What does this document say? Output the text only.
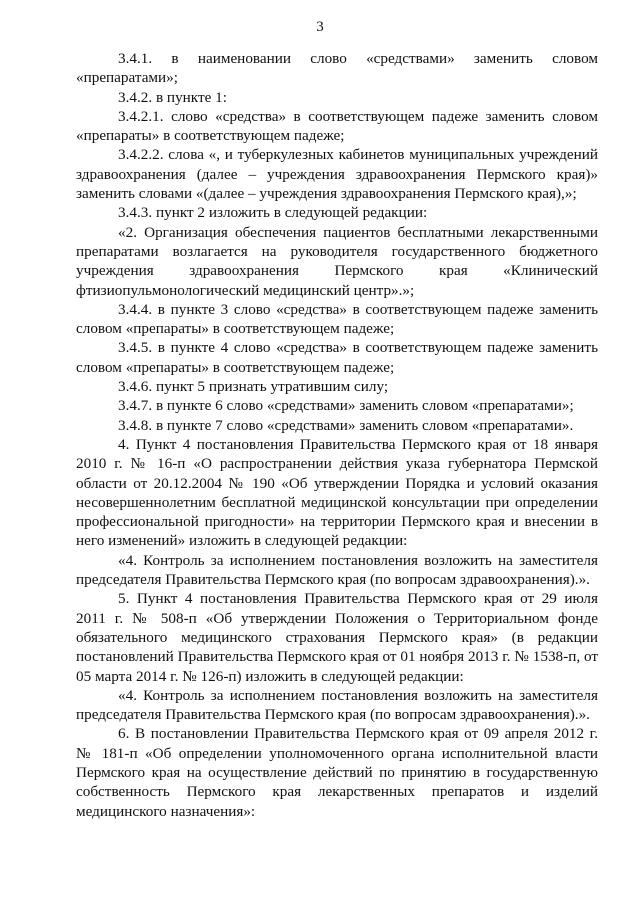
3

3.4.1. в наименовании слово «средствами» заменить словом «препаратами»;

3.4.2. в пункте 1:

3.4.2.1. слово «средства» в соответствующем падеже заменить словом «препараты» в соответствующем падеже;

3.4.2.2. слова «, и туберкулезных кабинетов муниципальных учреждений здравоохранения (далее – учреждения здравоохранения Пермского края)» заменить словами «(далее – учреждения здравоохранения Пермского края),»;

3.4.3. пункт 2 изложить в следующей редакции:

«2. Организация обеспечения пациентов бесплатными лекарственными препаратами возлагается на руководителя государственного бюджетного учреждения здравоохранения Пермского края «Клинический фтизиопульмонологический медицинский центр».»;

3.4.4. в пункте 3 слово «средства» в соответствующем падеже заменить словом «препараты» в соответствующем падеже;

3.4.5. в пункте 4 слово «средства» в соответствующем падеже заменить словом «препараты» в соответствующем падеже;

3.4.6. пункт 5 признать утратившим силу;

3.4.7. в пункте 6 слово «средствами» заменить словом «препаратами»;

3.4.8. в пункте 7 слово «средствами» заменить словом «препаратами».

4. Пункт 4 постановления Правительства Пермского края от 18 января 2010 г. № 16-п «О распространении действия указа губернатора Пермской области от 20.12.2004 № 190 «Об утверждении Порядка и условий оказания несовершеннолетним бесплатной медицинской консультации при определении профессиональной пригодности» на территории Пермского края и внесении в него изменений» изложить в следующей редакции:

«4. Контроль за исполнением постановления возложить на заместителя председателя Правительства Пермского края (по вопросам здравоохранения).».

5. Пункт 4 постановления Правительства Пермского края от 29 июля 2011 г. № 508-п «Об утверждении Положения о Территориальном фонде обязательного медицинского страхования Пермского края» (в редакции постановлений Правительства Пермского края от 01 ноября 2013 г. № 1538-п, от 05 марта 2014 г. № 126-п) изложить в следующей редакции:

«4. Контроль за исполнением постановления возложить на заместителя председателя Правительства Пермского края (по вопросам здравоохранения).».

6. В постановлении Правительства Пермского края от 09 апреля 2012 г. № 181-п «Об определении уполномоченного органа исполнительной власти Пермского края на осуществление действий по принятию в государственную собственность Пермского края лекарственных препаратов и изделий медицинского назначения»:
